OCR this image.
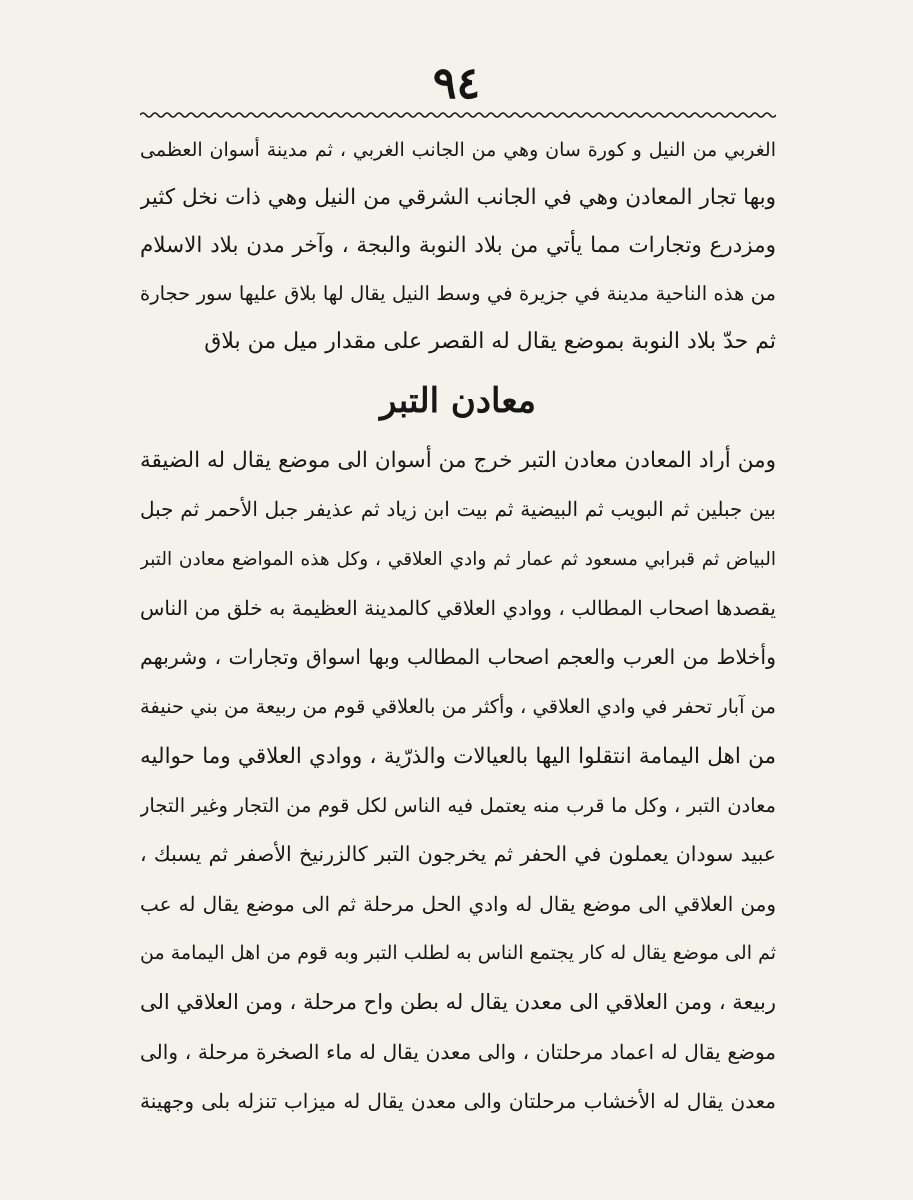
٩٤
الغربي من النيل و كورة سان وهي من الجانب الغربي ، ثم مدينة أسوان العظمى
وبها تجار المعادن وهي في الجانب الشرقي من النيل وهي ذات نخل كثير
ومزدرع وتجارات مما يأتي من بلاد النوبة والبجة ، وآخر مدن بلاد الاسلام
من هذه الناحية مدينة في جزيرة في وسط النيل يقال لها بلاق عليها سور حجارة
ثم حدّ بلاد النوبة بموضع يقال له القصر على مقدار ميل من بلاق
معادن التبر
ومن أراد المعادن معادن التبر خرج من أسوان الى موضع يقال له الضيقة
بين جبلين ثم البويب ثم البيضية ثم بيت ابن زياد ثم عذيفر جبل الأحمر ثم جبل
البياض ثم قبرابي مسعود ثم عمار ثم وادي العلاقي ، وكل هذه المواضع معادن التبر
يقصدها اصحاب المطالب ، ووادي العلاقي كالمدينة العظيمة به خلق من الناس
وأخلاط من العرب والعجم اصحاب المطالب وبها اسواق وتجارات ، وشربهم
من آبار تحفر في وادي العلاقي ، وأكثر من بالعلاقي قوم من ربيعة من بني حنيفة
من اهل اليمامة انتقلوا اليها بالعيالات والذرّية ، ووادي العلاقي وما حواليه
معادن التبر ، وكل ما قرب منه يعتمل فيه الناس لكل قوم من التجار وغير التجار
عبيد سودان يعملون في الحفر ثم يخرجون التبر كالزرنيخ الأصفر ثم يسبك ،
ومن العلاقي الى موضع يقال له وادي الحل مرحلة ثم الى موضع يقال له عب
ثم الى موضع يقال له كار يجتمع الناس به لطلب التبر وبه قوم من اهل اليمامة من
ربيعة ، ومن العلاقي الى معدن يقال له بطن واح مرحلة ، ومن العلاقي الى
موضع يقال له اعماد مرحلتان ، والى معدن يقال له ماء الصخرة مرحلة ، والى
معدن يقال له الأخشاب مرحلتان والى معدن يقال له ميزاب تنزله بلى وجهينة
